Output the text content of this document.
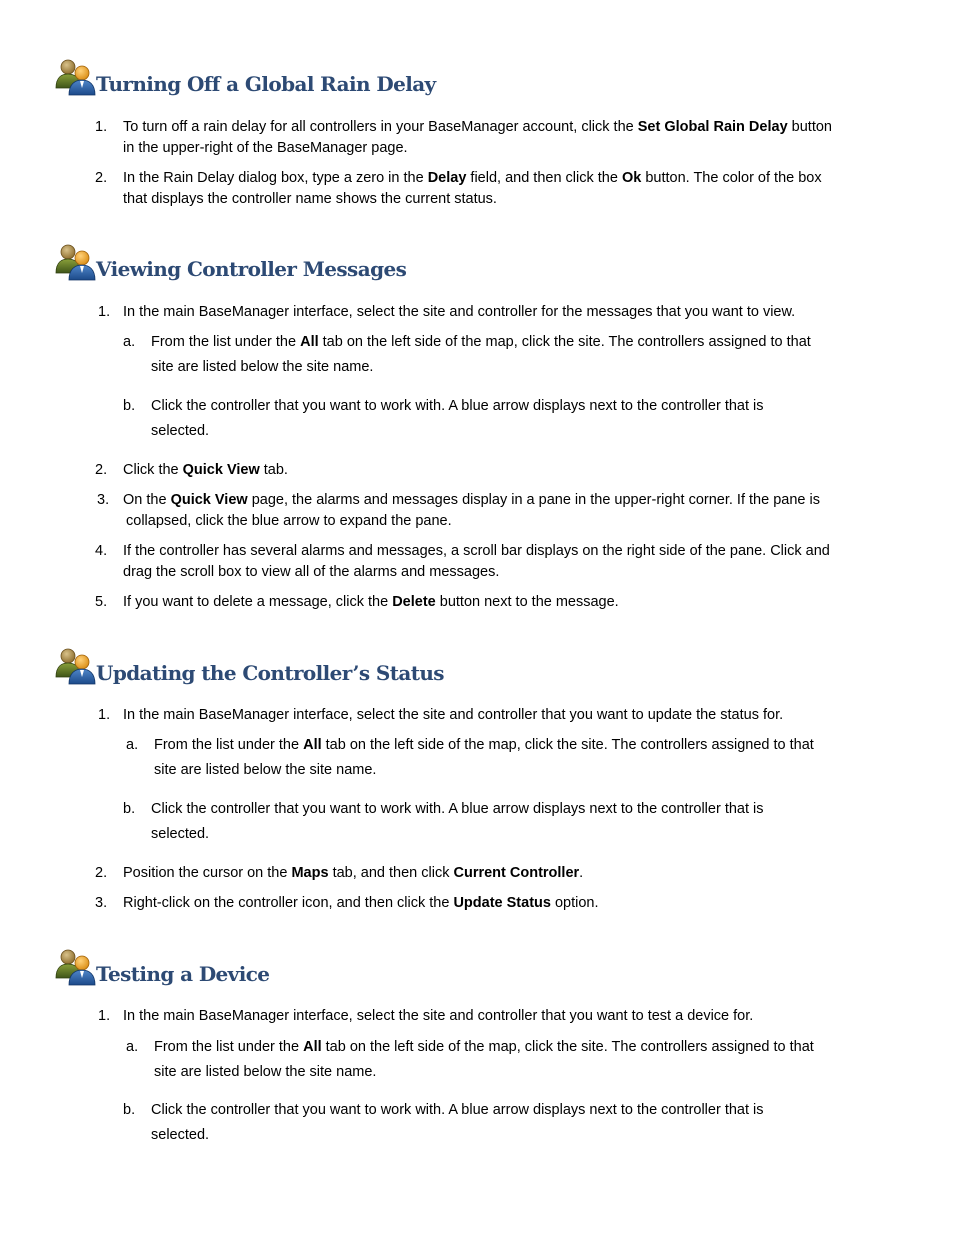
Turning Off a Global Rain Delay
1. To turn off a rain delay for all controllers in your BaseManager account, click the Set Global Rain Delay button
in the upper-right of the BaseManager page.
2. In the Rain Delay dialog box, type a zero in the Delay field, and then click the Ok button. The color of the box
that displays the controller name shows the current status.
Viewing Controller Messages
1. In the main BaseManager interface, select the site and controller for the messages that you want to view.
a. From the list under the All tab on the left side of the map, click the site. The controllers assigned to that
site are listed below the site name.
b. Click the controller that you want to work with. A blue arrow displays next to the controller that is
selected.
2. Click the Quick View tab.
3. On the Quick View page, the alarms and messages display in a pane in the upper-right corner. If the pane is
collapsed, click the blue arrow to expand the pane.
4. If the controller has several alarms and messages, a scroll bar displays on the right side of the pane. Click and
drag the scroll box to view all of the alarms and messages.
5. If you want to delete a message, click the Delete button next to the message.
Updating the Controller’s Status
1. In the main BaseManager interface, select the site and controller that you want to update the status for.
a. From the list under the All tab on the left side of the map, click the site. The controllers assigned to that
site are listed below the site name.
b. Click the controller that you want to work with. A blue arrow displays next to the controller that is
selected.
2. Position the cursor on the Maps tab, and then click Current Controller.
3. Right-click on the controller icon, and then click the Update Status option.
Testing a Device
1. In the main BaseManager interface, select the site and controller that you want to test a device for.
a. From the list under the All tab on the left side of the map, click the site. The controllers assigned to that
site are listed below the site name.
b. Click the controller that you want to work with. A blue arrow displays next to the controller that is
selected.
